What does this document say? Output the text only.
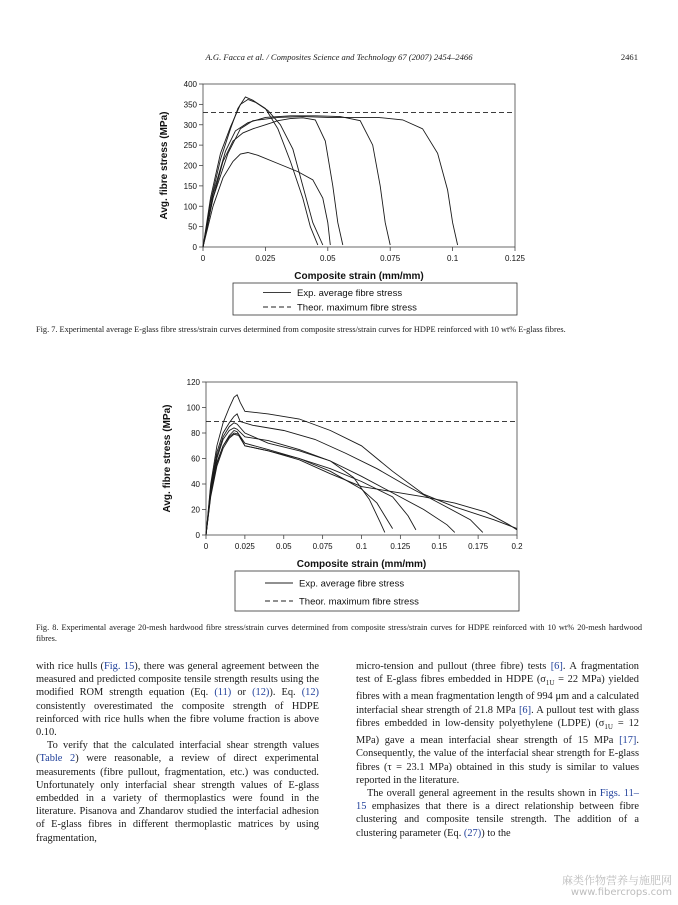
A.G. Facca et al. / Composites Science and Technology 67 (2007) 2454–2466	2461
0
50
100
150
200
250
300
350
400
0	0.025	0.05	0.075	0.1	0.125
Composite strain (mm/mm)
Avg. fibre stress (MPa)
Exp. average fibre stress
Theor. maximum fibre stress
Fig. 7. Experimental average E-glass fibre stress/strain curves determined from composite stress/strain curves for HDPE reinforced with 10 wt% E-glass fibres.
0
20
40
60
80
100
120
0	0.025	0.05	0.075	0.1	0.125	0.15	0.175	0.2
Composite strain (mm/mm)
Avg. fibre stress (MPa)
Exp. average fibre stress
Theor. maximum fibre stress
Fig. 8. Experimental average 20-mesh hardwood fibre stress/strain curves determined from composite stress/strain curves for HDPE reinforced with 10 wt% 20-mesh hardwood fibres.

with rice hulls (Fig. 15), there was general agreement between the measured and predicted composite tensile strength results using the modified ROM strength equation (Eq. (11) or (12)). Eq. (12) consistently overestimated the composite strength of HDPE reinforced with rice hulls when the fibre volume fraction is above 0.10.

To verify that the calculated interfacial shear strength values (Table 2) were reasonable, a review of direct experimental measurements (fibre pullout, fragmentation, etc.) was conducted. Unfortunately only interfacial shear strength values of E-glass embedded in a variety of thermoplastics were found in the literature. Pisanova and Zhandarov studied the interfacial adhesion of E-glass fibres in different thermoplastic matrices by using fragmentation,

micro-tension and pullout (three fibre) tests [6]. A fragmentation test of E-glass fibres embedded in HDPE ($\sigma_{1U} = 22$ MPa) yielded fibres with a mean fragmentation length of 994 μm and a calculated interfacial shear strength of 21.8 MPa [6]. A pullout test with glass fibres embedded in low-density polyethylene (LDPE) ($\sigma_{1U} = 12$ MPa) gave a mean interfacial shear strength of 15 MPa [17]. Consequently, the value of the interfacial shear strength for E-glass fibres (τ = 23.1 MPa) obtained in this study is similar to values reported in the literature.

The overall general agreement in the results shown in Figs. 11–15 emphasizes that there is a direct relationship between fibre clustering and composite tensile strength. The addition of a clustering parameter (Eq. (27)) to the

麻类作物营养与施肥网
www.fibercrops.com
